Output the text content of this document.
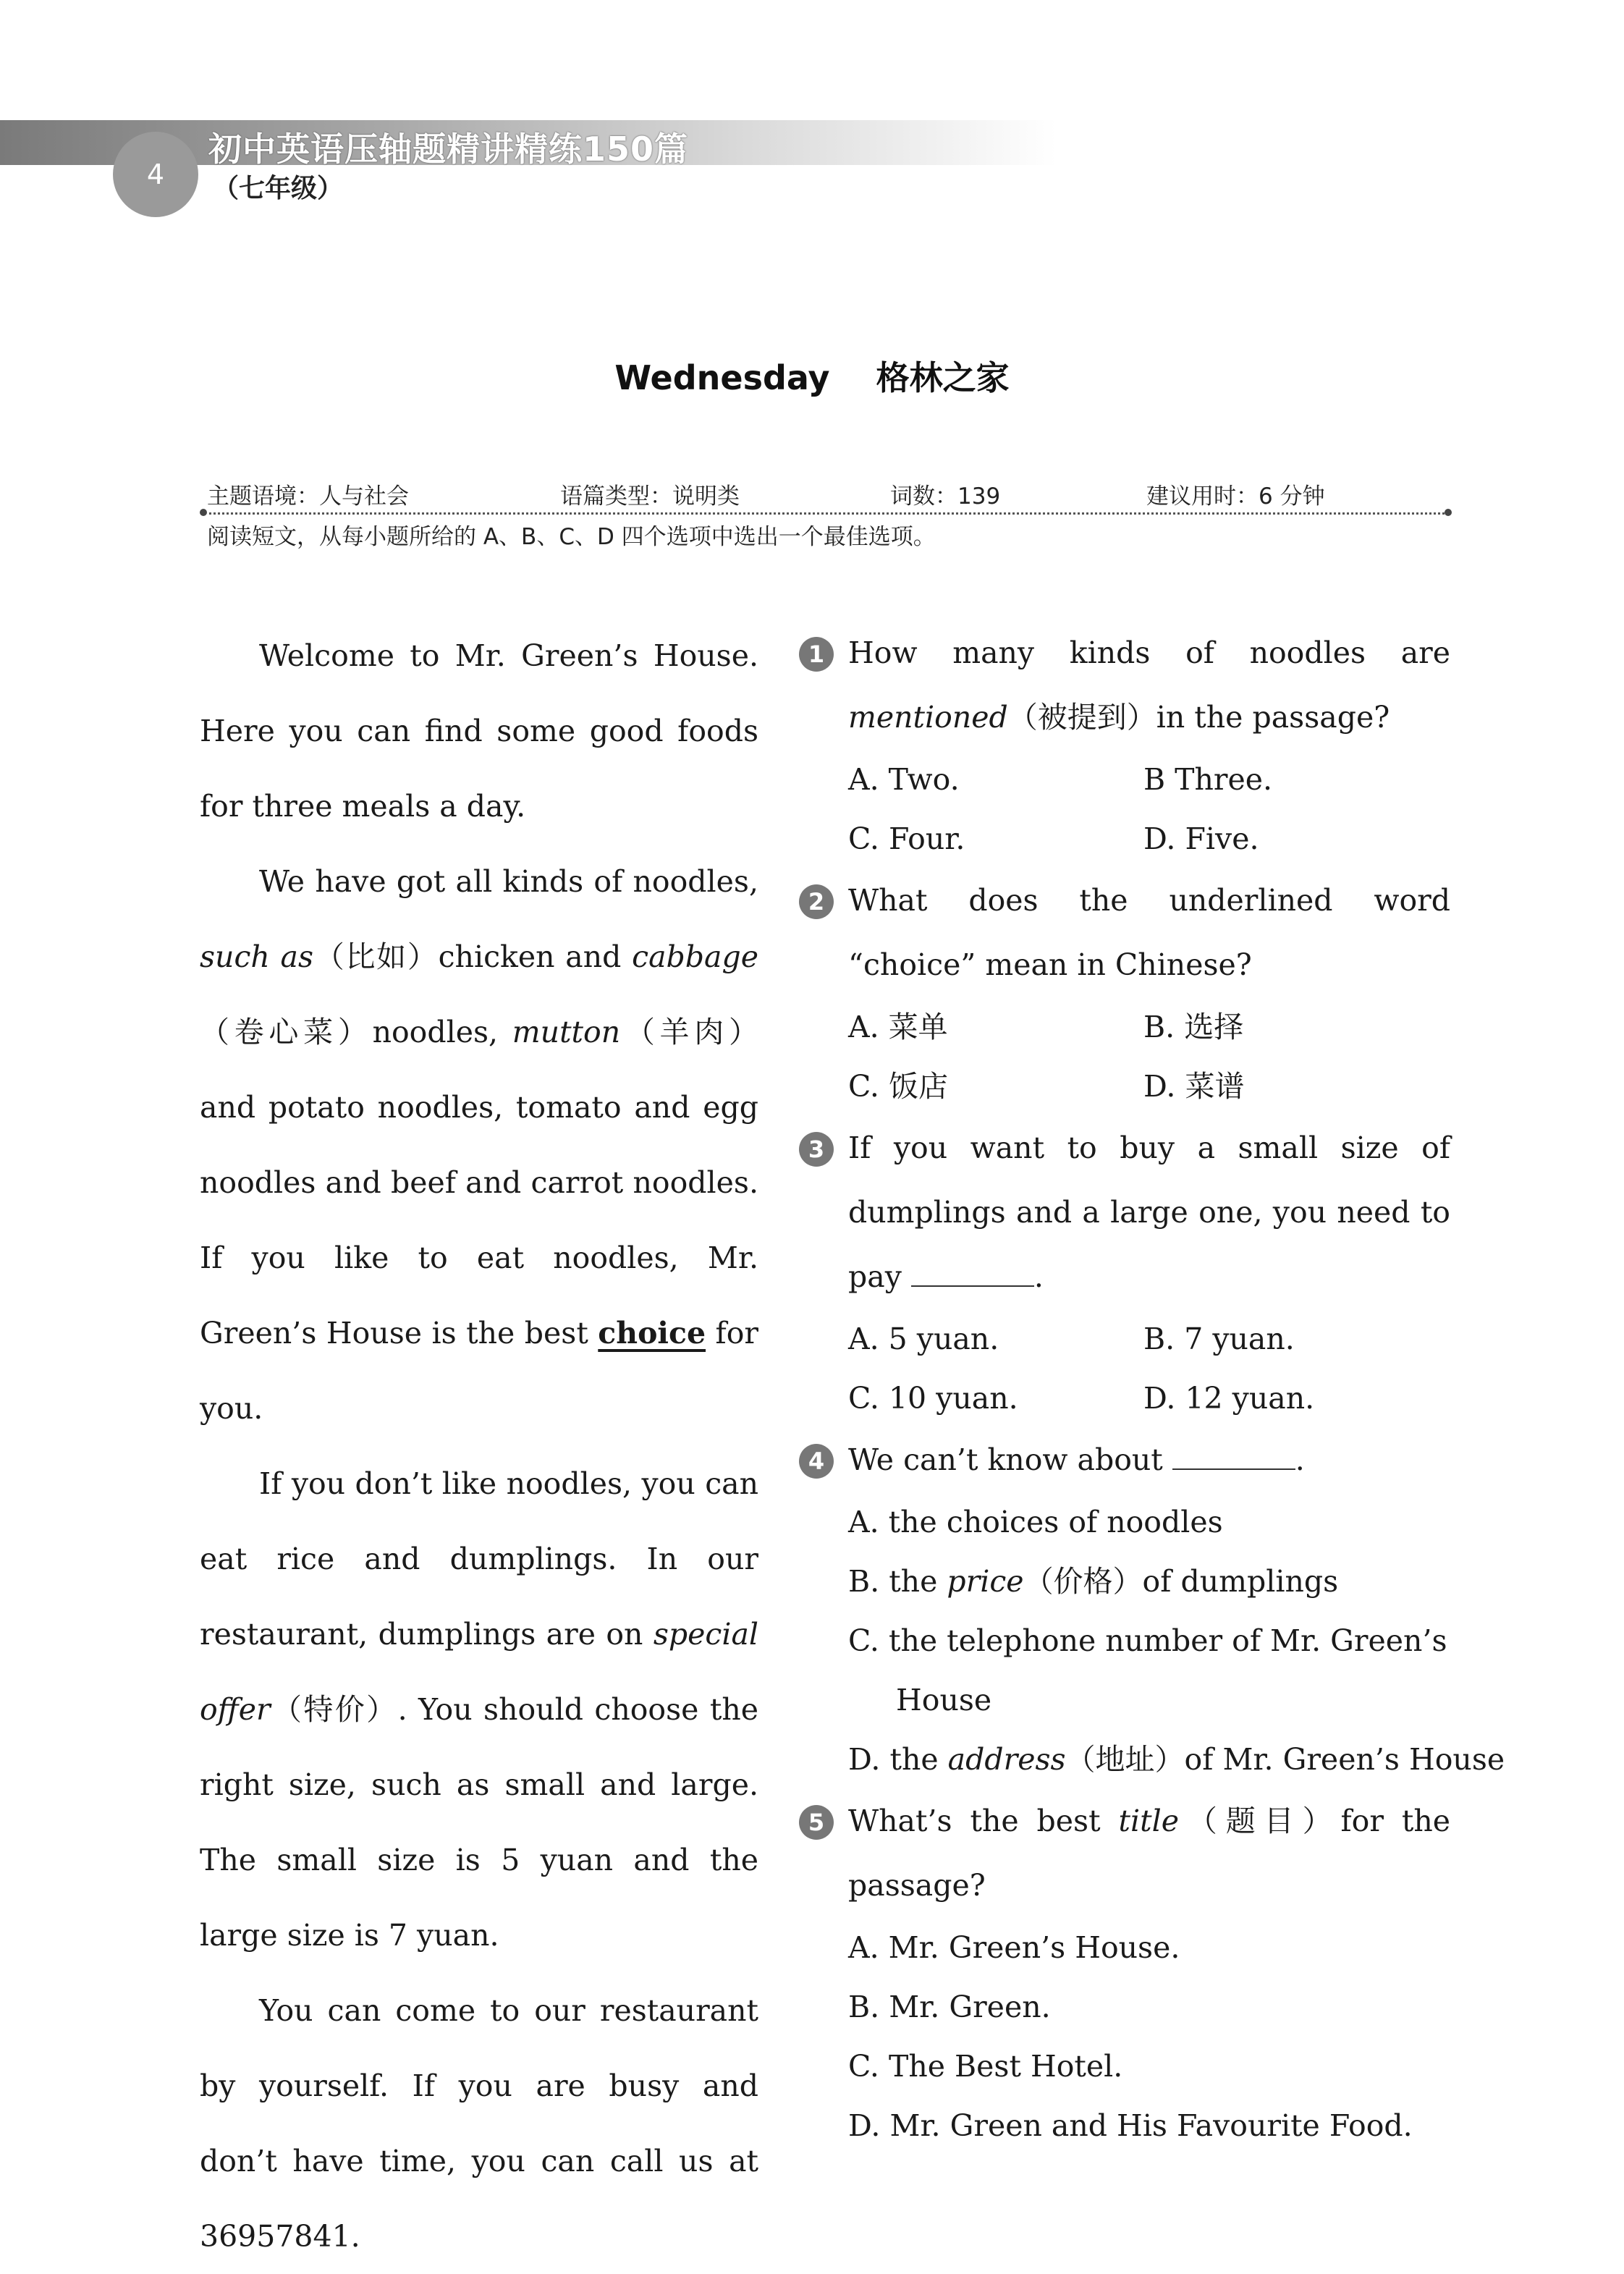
4
初中英语压轴题精讲精练150篇
（七年级）
Wednesday 格林之家
主题语境：人与社会	语篇类型：说明类	词数：139	建议用时：6 分钟
阅读短文，从每小题所给的 A、B、C、D 四个选项中选出一个最佳选项。

Welcome to Mr. Green’s House. Here you can find some good foods for three meals a day.

We have got all kinds of noodles, such as（比如）chicken and cabbage（卷心菜）noodles, mutton（羊肉）and potato noodles, tomato and egg noodles and beef and carrot noodles. If you like to eat noodles, Mr. Green’s House is the best choice for you.

If you don’t like noodles, you can eat rice and dumplings. In our restaurant, dumplings are on special offer（特价）. You should choose the right size, such as small and large. The small size is 5 yuan and the large size is 7 yuan.

You can come to our restaurant by yourself. If you are busy and don’t have time, you can call us at 36957841.

1 How many kinds of noodles are mentioned（被提到）in the passage?
A. Two.	B Three.
C. Four.	D. Five.
2 What does the underlined word “choice” mean in Chinese?
A. 菜单	B. 选择
C. 饭店	D. 菜谱
3 If you want to buy a small size of dumplings and a large one, you need to pay	.
A. 5 yuan.	B. 7 yuan.
C. 10 yuan.	D. 12 yuan.
4 We can’t know about	.
A. the choices of noodles
B. the price（价格）of dumplings
C. the telephone number of Mr. Green’s House
D. the address（地址）of Mr. Green’s House
5 What’s the best title（题目）for the passage?
A. Mr. Green’s House.
B. Mr. Green.
C. The Best Hotel.
D. Mr. Green and His Favourite Food.
